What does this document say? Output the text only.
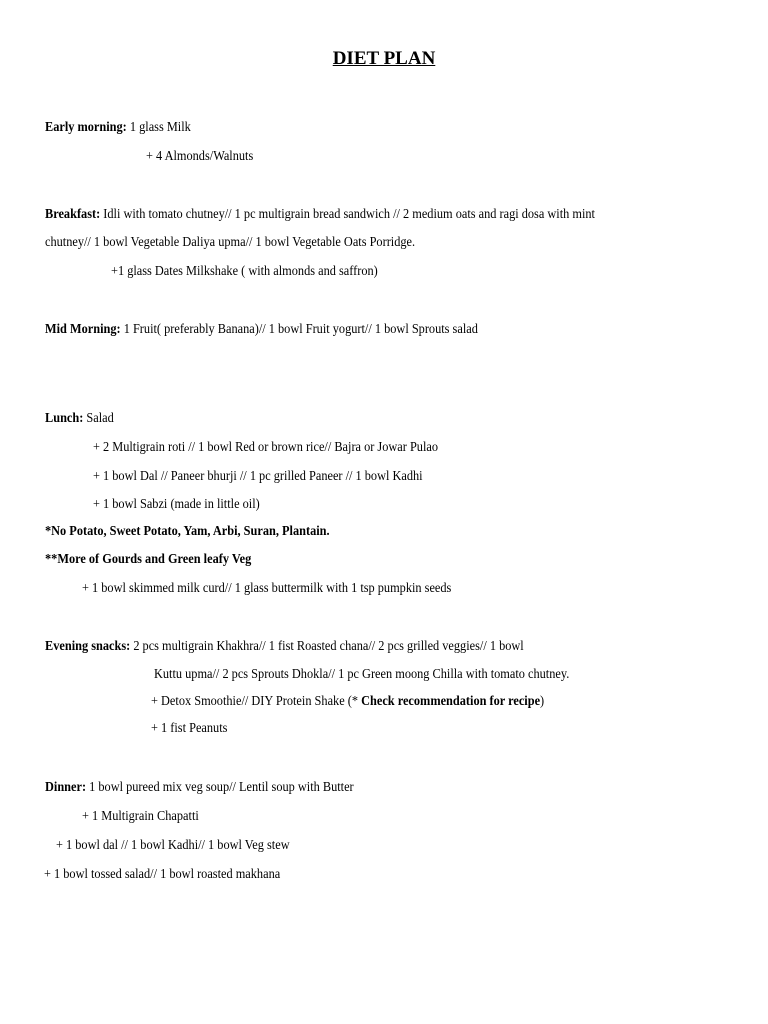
DIET PLAN
Early morning: 1 glass Milk
+ 4 Almonds/Walnuts
Breakfast: Idli with tomato chutney// 1 pc multigrain bread sandwich // 2 medium oats and ragi dosa with mint
chutney// 1 bowl Vegetable Daliya upma// 1 bowl Vegetable Oats Porridge.
+1 glass Dates Milkshake ( with almonds and saffron)
Mid Morning: 1 Fruit( preferably Banana)// 1 bowl Fruit yogurt// 1 bowl Sprouts salad
Lunch: Salad
+ 2 Multigrain roti // 1 bowl Red or brown rice// Bajra or Jowar Pulao
+ 1 bowl Dal // Paneer bhurji // 1 pc grilled Paneer // 1 bowl Kadhi
+ 1 bowl Sabzi (made in little oil)
*No Potato, Sweet Potato, Yam, Arbi, Suran, Plantain.
**More of Gourds and Green leafy Veg
+ 1 bowl skimmed milk curd// 1 glass buttermilk with 1 tsp pumpkin seeds
Evening snacks: 2 pcs multigrain Khakhra// 1 fist Roasted chana// 2 pcs grilled veggies// 1 bowl
Kuttu upma// 2 pcs Sprouts Dhokla// 1 pc Green moong Chilla with tomato chutney.
+ Detox Smoothie// DIY Protein Shake (* Check recommendation for recipe)
+ 1 fist Peanuts
Dinner: 1 bowl pureed mix veg soup// Lentil soup with Butter
+ 1 Multigrain Chapatti
+ 1 bowl dal // 1 bowl Kadhi// 1 bowl Veg stew
+ 1 bowl tossed salad// 1 bowl roasted makhana
